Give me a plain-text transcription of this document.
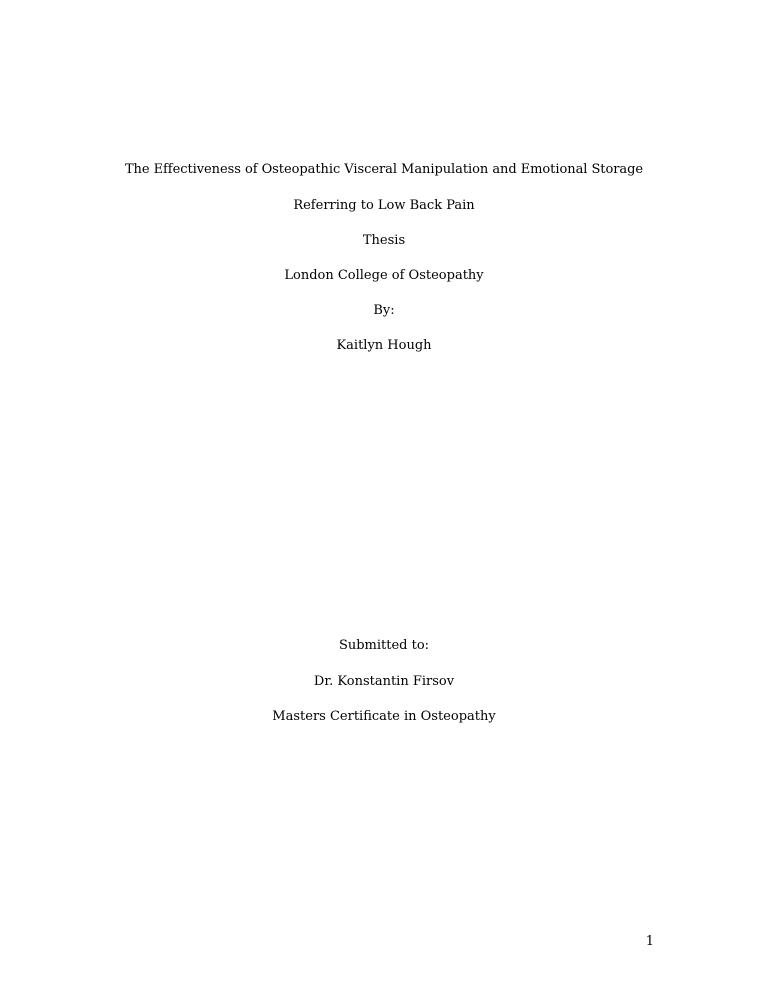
The Effectiveness of Osteopathic Visceral Manipulation and Emotional Storage
Referring to Low Back Pain
Thesis
London College of Osteopathy
By:
Kaitlyn Hough
Submitted to:
Dr. Konstantin Firsov
Masters Certificate in Osteopathy
1
